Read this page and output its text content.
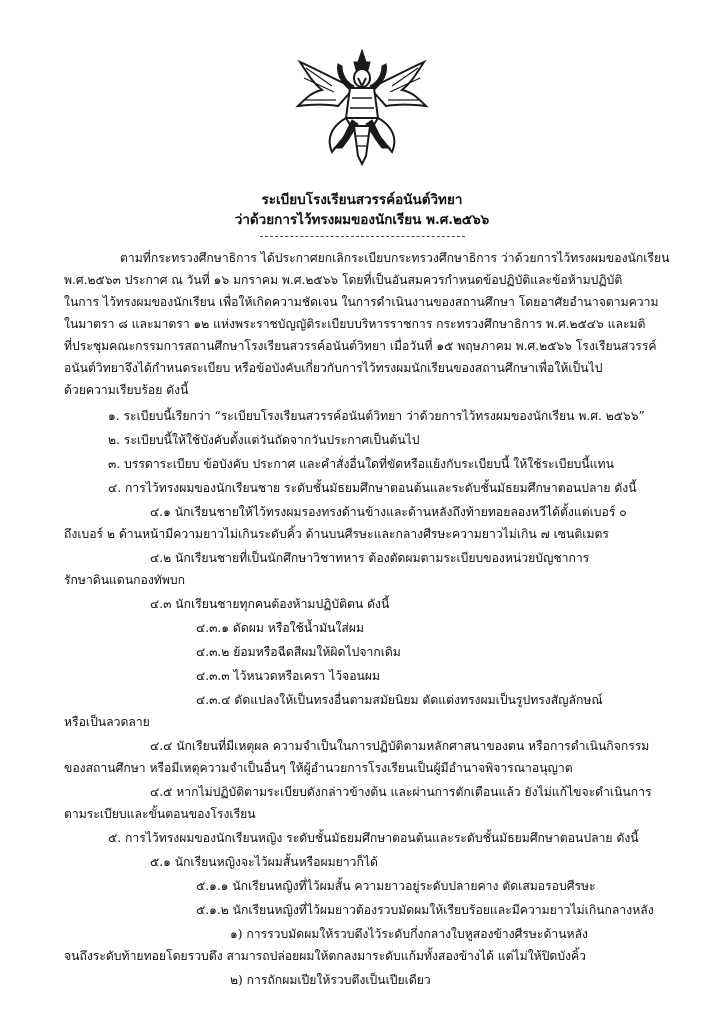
ระเบียบโรงเรียนสวรรค์อนันต์วิทยา
ว่าด้วยการไว้ทรงผมของนักเรียน พ.ศ.๒๕๖๖
ตามที่กระทรวงศึกษาธิการ ได้ประกาศยกเลิกระเบียบกระทรวงศึกษาธิการ ว่าด้วยการไว้ทรงผมของนักเรียน
พ.ศ.๒๕๖๓ ประกาศ ณ วันที่ ๑๖ มกราคม พ.ศ.๒๕๖๖ โดยที่เป็นอันสมควรกำหนดข้อปฏิบัติและข้อห้ามปฏิบัติ
ในการ ไว้ทรงผมของนักเรียน เพื่อให้เกิดความชัดเจน ในการดำเนินงานของสถานศึกษา โดยอาศัยอำนาจตามความ
ในมาตรา ๘ และมาตรา ๑๒ แห่งพระราชบัญญัติระเบียบบริหารราชการ กระทรวงศึกษาธิการ พ.ศ.๒๕๔๖ และมติ
ที่ประชุมคณะกรรมการสถานศึกษาโรงเรียนสวรรค์อนันต์วิทยา เมื่อวันที่ ๑๕ พฤษภาคม พ.ศ.๒๕๖๖ โรงเรียนสวรรค์
อนันต์วิทยาจึงได้กำหนดระเบียบ หรือข้อบังคับเกี่ยวกับการไว้ทรงผมนักเรียนของสถานศึกษาเพื่อให้เป็นไป
ด้วยความเรียบร้อย ดังนี้
๑. ระเบียบนี้เรียกว่า “ระเบียบโรงเรียนสวรรค์อนันต์วิทยา ว่าด้วยการไว้ทรงผมของนักเรียน พ.ศ. ๒๕๖๖”
๒. ระเบียบนี้ให้ใช้บังคับตั้งแต่วันถัดจากวันประกาศเป็นต้นไป
๓. บรรดาระเบียบ ข้อบังคับ ประกาศ และคำสั่งอื่นใดที่ขัดหรือแย้งกับระเบียบนี้ ให้ใช้ระเบียบนี้แทน
๔. การไว้ทรงผมของนักเรียนชาย ระดับชั้นมัธยมศึกษาตอนต้นและระดับชั้นมัธยมศึกษาตอนปลาย ดังนี้
๔.๑ นักเรียนชายให้ไว้ทรงผมรองทรงด้านข้างและด้านหลังถึงท้ายทอยลองหวีได้ตั้งแต่เบอร์ ๐
ถึงเบอร์ ๒ ด้านหน้ามีความยาวไม่เกินระดับคิ้ว ด้านบนศีรษะและกลางศีรษะความยาวไม่เกิน ๗ เซนติเมตร
๔.๒ นักเรียนชายที่เป็นนักศึกษาวิชาทหาร ต้องตัดผมตามระเบียบของหน่วยบัญชาการ
รักษาดินแดนกองทัพบก
๔.๓ นักเรียนชายทุกคนต้องห้ามปฏิบัติตน ดังนี้
๔.๓.๑ ดัดผม หรือใช้น้ำมันใส่ผม
๔.๓.๒ ย้อมหรือฉีดสีผมให้ผิดไปจากเดิม
๔.๓.๓ ไว้หนวดหรือเครา ไว้จอนผม
๔.๓.๔ ดัดแปลงให้เป็นทรงอื่นตามสมัยนิยม ตัดแต่งทรงผมเป็นรูปทรงสัญลักษณ์
หรือเป็นลวดลาย
๔.๔ นักเรียนที่มีเหตุผล ความจำเป็นในการปฏิบัติตามหลักศาสนาของตน หรือการดำเนินกิจกรรม
ของสถานศึกษา หรือมีเหตุความจำเป็นอื่นๆ ให้ผู้อำนวยการโรงเรียนเป็นผู้มีอำนาจพิจารณาอนุญาต
๔.๕ หากไม่ปฏิบัติตามระเบียบดังกล่าวข้างต้น และผ่านการตักเตือนแล้ว ยังไม่แก้ไขจะดำเนินการ
ตามระเบียบและขั้นตอนของโรงเรียน
๕. การไว้ทรงผมของนักเรียนหญิง ระดับชั้นมัธยมศึกษาตอนต้นและระดับชั้นมัธยมศึกษาตอนปลาย ดังนี้
๕.๑ นักเรียนหญิงจะไว้ผมสั้นหรือผมยาวก็ได้
๕.๑.๑ นักเรียนหญิงที่ไว้ผมสั้น ความยาวอยู่ระดับปลายคาง ตัดเสมอรอบศีรษะ
๕.๑.๒ นักเรียนหญิงที่ไว้ผมยาวต้องรวบมัดผมให้เรียบร้อยและมีความยาวไม่เกินกลางหลัง
๑) การรวบมัดผมให้รวบตึงไว้ระดับกึ่งกลางใบหูสองข้างศีรษะด้านหลัง
จนถึงระดับท้ายทอยโดยรวบตึง สามารถปล่อยผมให้ตกลงมาระดับแก้มทั้งสองข้างได้ แต่ไม่ให้ปิดบังคิ้ว
๒) การถักผมเปียให้รวบตึงเป็นเปียเดียว
